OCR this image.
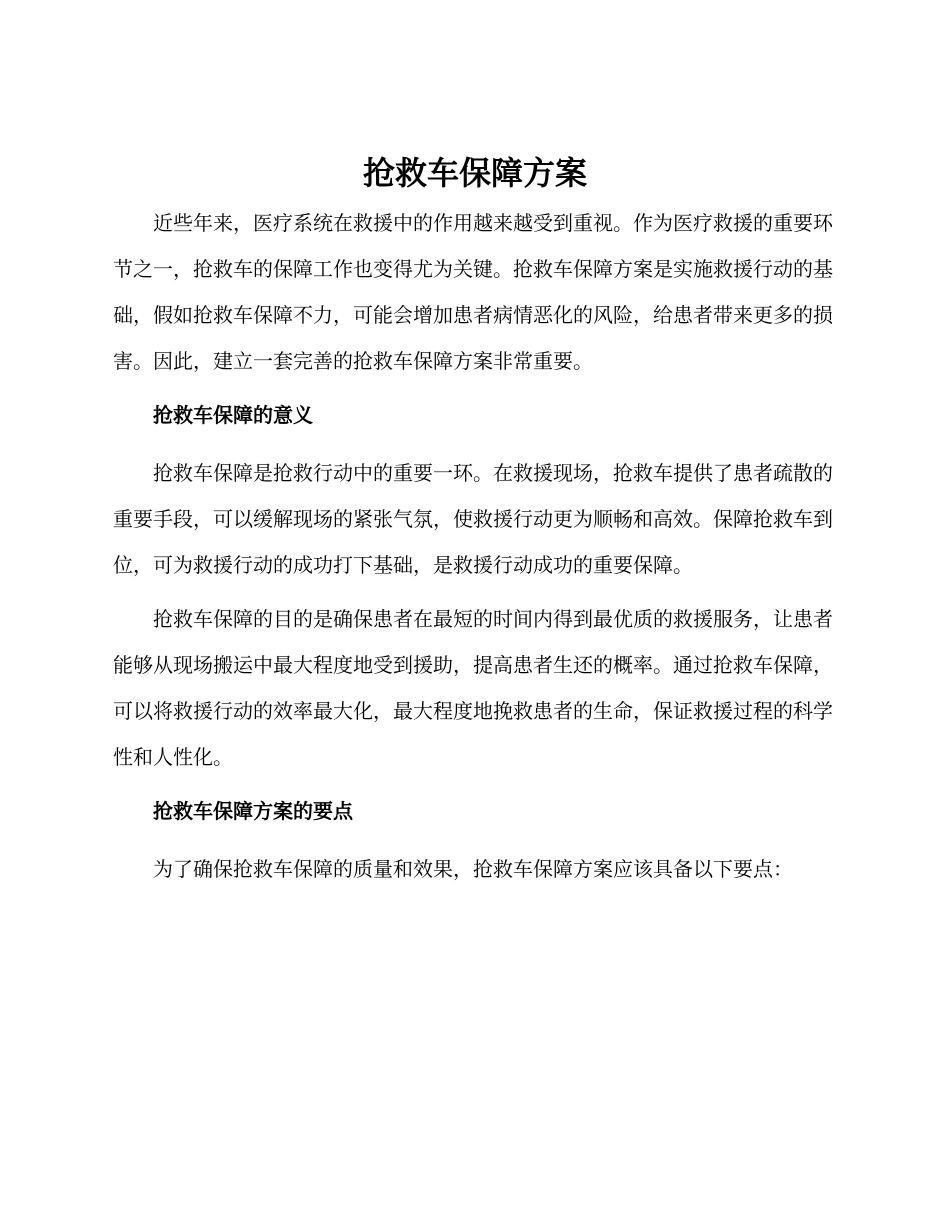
抢救车保障方案

近些年来，医疗系统在救援中的作用越来越受到重视。作为医疗救援的重要环节之一，抢救车的保障工作也变得尤为关键。抢救车保障方案是实施救援行动的基础，假如抢救车保障不力，可能会增加患者病情恶化的风险，给患者带来更多的损害。因此，建立一套完善的抢救车保障方案非常重要。

抢救车保障的意义

抢救车保障是抢救行动中的重要一环。在救援现场，抢救车提供了患者疏散的重要手段，可以缓解现场的紧张气氛，使救援行动更为顺畅和高效。保障抢救车到位，可为救援行动的成功打下基础，是救援行动成功的重要保障。

抢救车保障的目的是确保患者在最短的时间内得到最优质的救援服务，让患者能够从现场搬运中最大程度地受到援助，提高患者生还的概率。通过抢救车保障，可以将救援行动的效率最大化，最大程度地挽救患者的生命，保证救援过程的科学性和人性化。

抢救车保障方案的要点

为了确保抢救车保障的质量和效果，抢救车保障方案应该具备以下要点：
